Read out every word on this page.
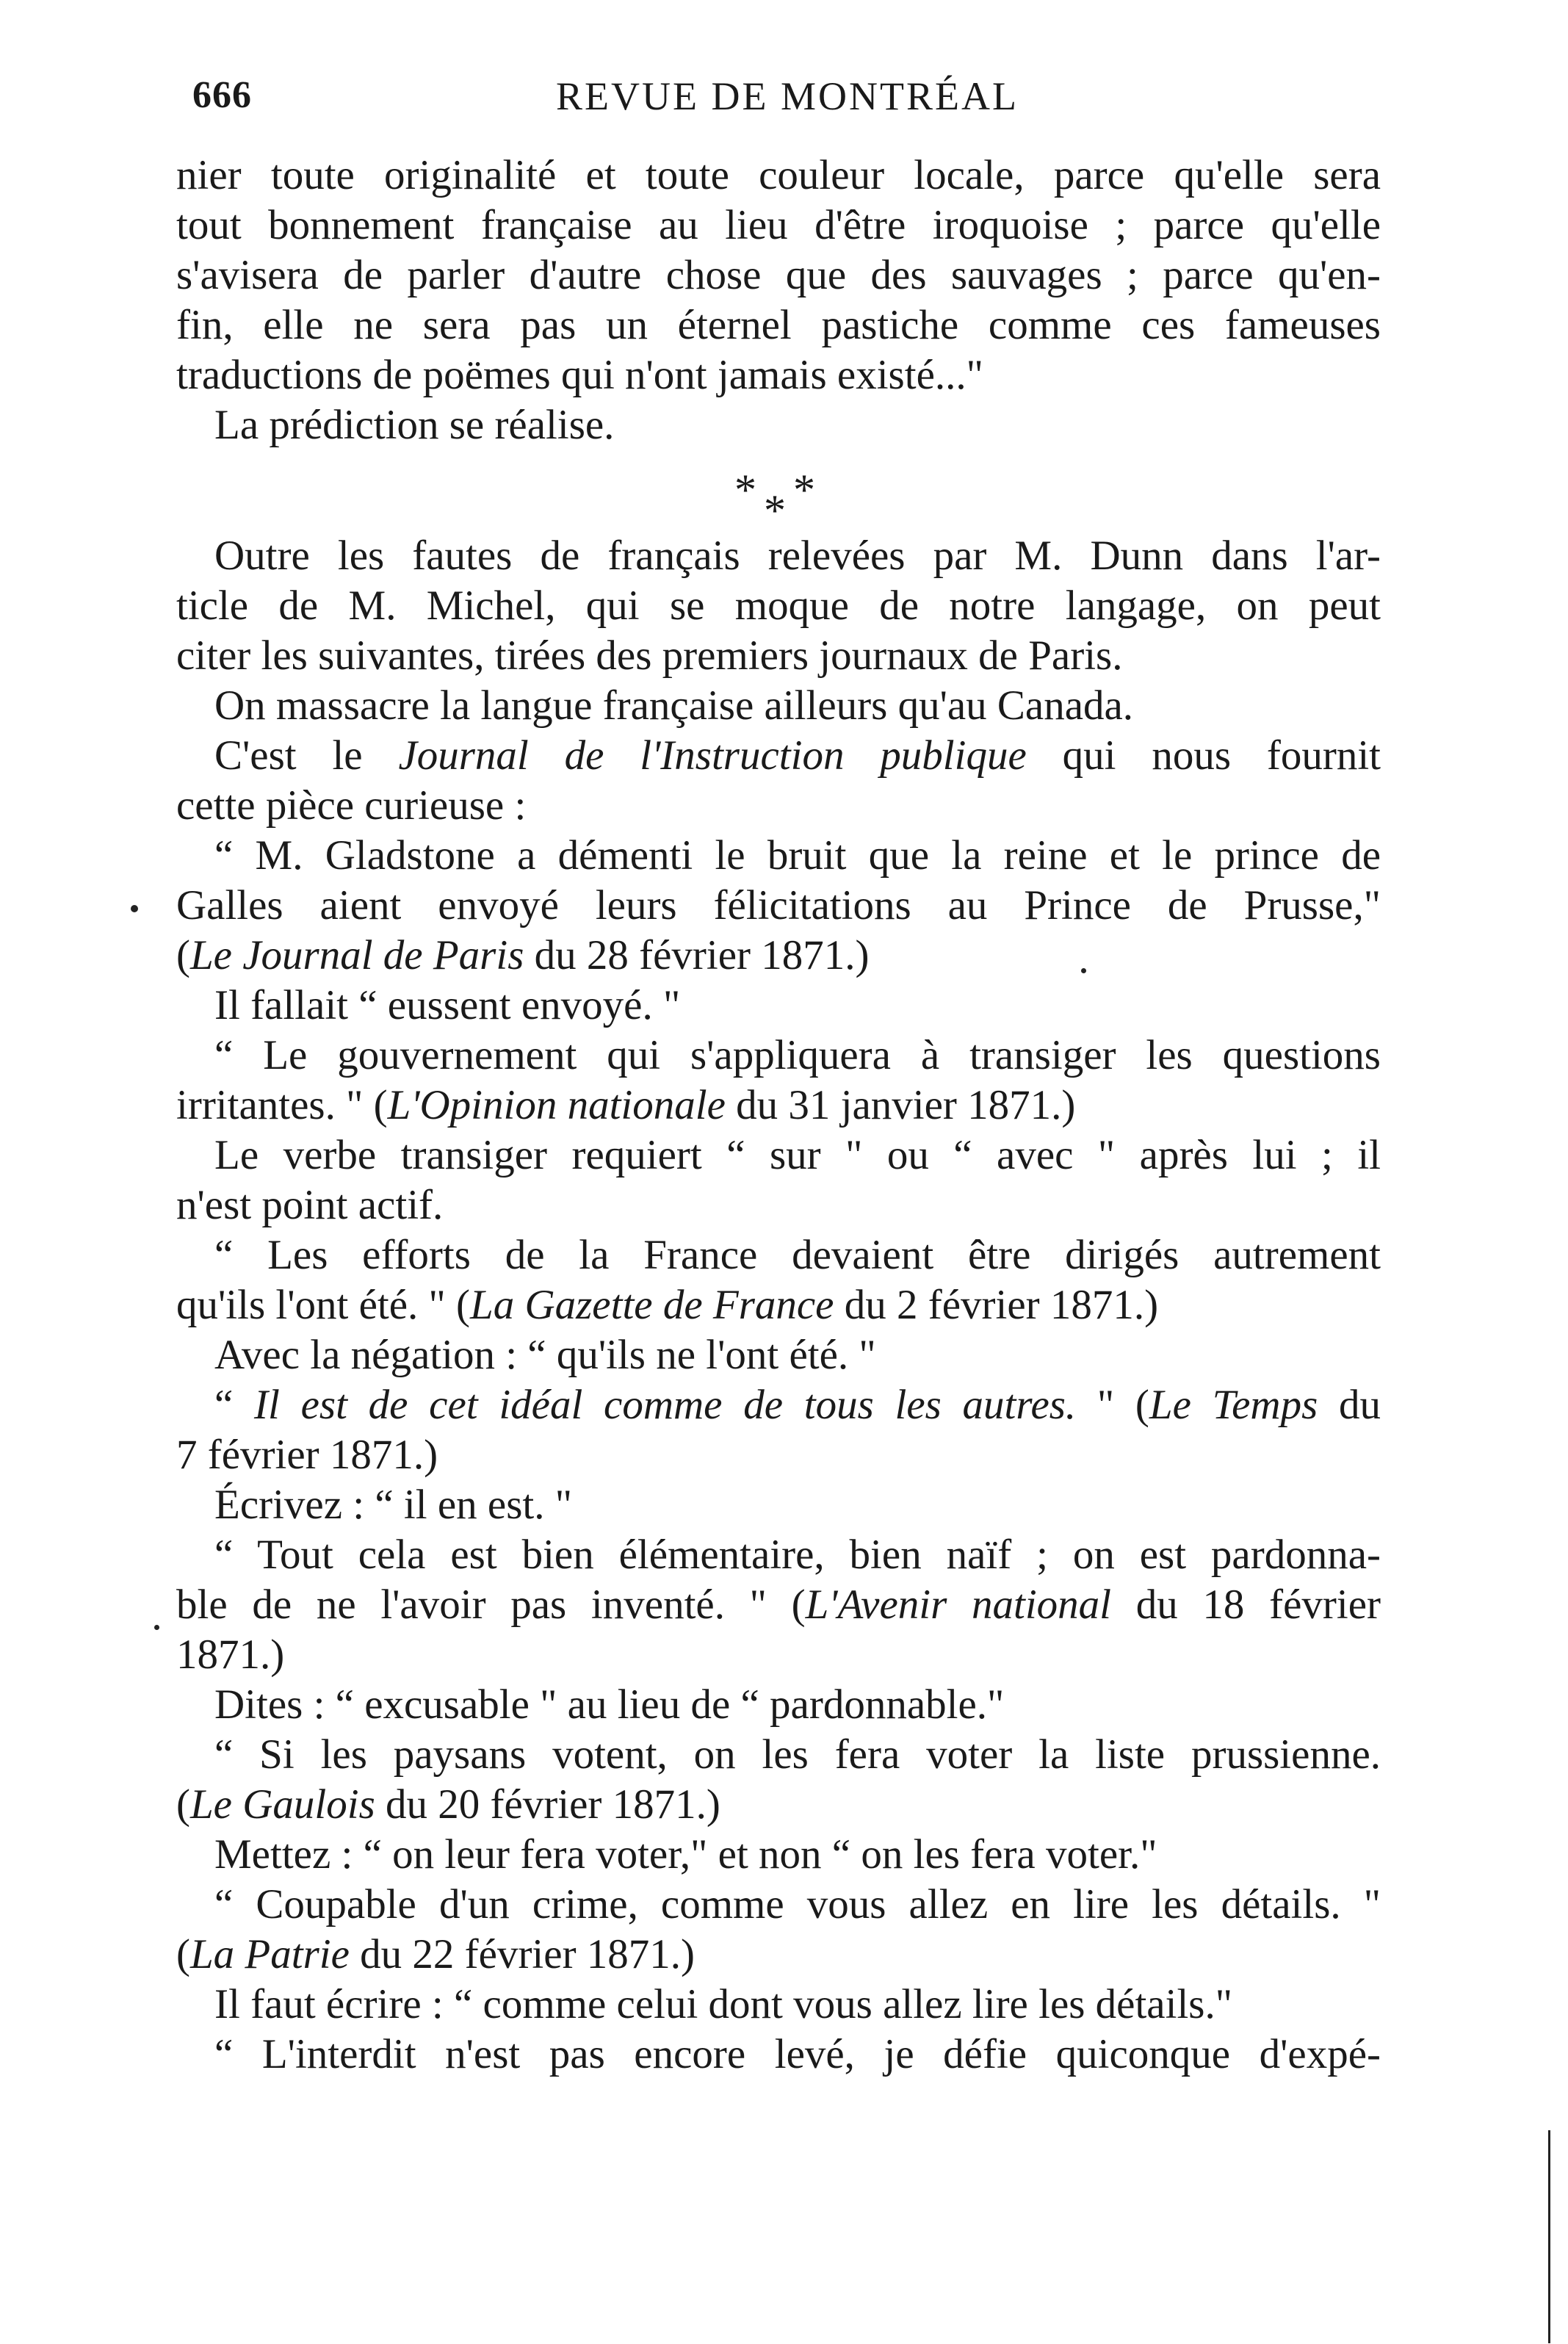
666	REVUE DE MONTRÉAL
nier toute originalité et toute couleur locale, parce qu'elle sera
tout bonnement française au lieu d'être iroquoise ; parce qu'elle
s'avisera de parler d'autre chose que des sauvages ; parce qu'en-
fin, elle ne sera pas un éternel pastiche comme ces fameuses
traductions de poëmes qui n'ont jamais existé..."
La prédiction se réalise.
* * *
Outre les fautes de français relevées par M. Dunn dans l'ar-
ticle de M. Michel, qui se moque de notre langage, on peut
citer les suivantes, tirées des premiers journaux de Paris.
On massacre la langue française ailleurs qu'au Canada.
C'est le Journal de l'Instruction publique qui nous fournit
cette pièce curieuse :
“ M. Gladstone a démenti le bruit que la reine et le prince de
Galles aient envoyé leurs félicitations au Prince de Prusse,"
(Le Journal de Paris du 28 février 1871.)
Il fallait “ eussent envoyé. "
“ Le gouvernement qui s'appliquera à transiger les questions
irritantes. " (L'Opinion nationale du 31 janvier 1871.)
Le verbe transiger requiert “ sur " ou “ avec " après lui ; il
n'est point actif.
“ Les efforts de la France devaient être dirigés autrement
qu'ils l'ont été. " (La Gazette de France du 2 février 1871.)
Avec la négation : “ qu'ils ne l'ont été. "
“ Il est de cet idéal comme de tous les autres. " (Le Temps du
7 février 1871.)
Écrivez : “ il en est. "
“ Tout cela est bien élémentaire, bien naïf ; on est pardonna-
ble de ne l'avoir pas inventé. " (L'Avenir national du 18 février
1871.)
Dites : “ excusable " au lieu de “ pardonnable."
“ Si les paysans votent, on les fera voter la liste prussienne.
(Le Gaulois du 20 février 1871.)
Mettez : “ on leur fera voter," et non “ on les fera voter."
“ Coupable d'un crime, comme vous allez en lire les détails. "
(La Patrie du 22 février 1871.)
Il faut écrire : “ comme celui dont vous allez lire les détails."
“ L'interdit n'est pas encore levé, je défie quiconque d'expé-
